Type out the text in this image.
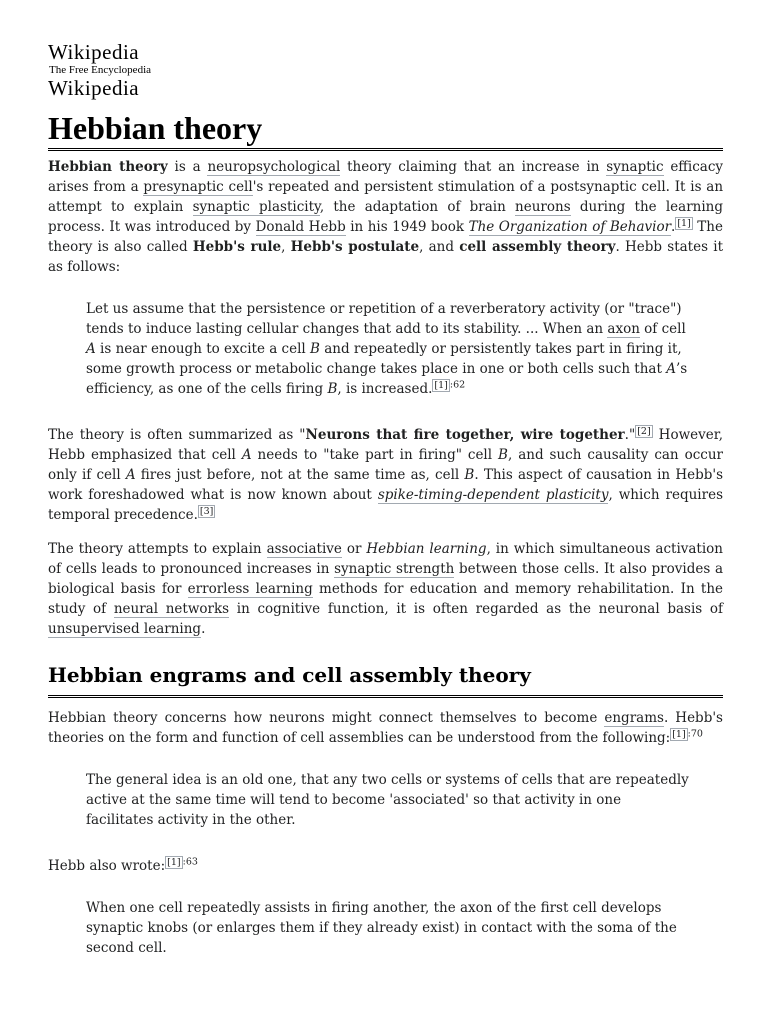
Wikipedia
The Free Encyclopedia
Wikipedia
Hebbian theory

Hebbian theory is a neuropsychological theory claiming that an increase in synaptic efficacy arises from a presynaptic cell's repeated and persistent stimulation of a postsynaptic cell. It is an attempt to explain synaptic plasticity, the adaptation of brain neurons during the learning process. It was introduced by Donald Hebb in his 1949 book The Organization of Behavior. [1] The theory is also called Hebb's rule, Hebb's postulate, and cell assembly theory. Hebb states it as follows:

Let us assume that the persistence or repetition of a reverberatory activity (or "trace") tends to induce lasting cellular changes that add to its stability. ... When an axon of cell A is near enough to excite a cell B and repeatedly or persistently takes part in firing it, some growth process or metabolic change takes place in one or both cells such that A’s efficiency, as one of the cells firing B, is increased. $^{[1] :62}$

The theory is often summarized as "Neurons that fire together, wire together." [2] However, Hebb emphasized that cell A needs to "take part in firing" cell B, and such causality can occur only if cell A fires just before, not at the same time as, cell B. This aspect of causation in Hebb's work foreshadowed what is now known about spike-timing-dependent plasticity, which requires temporal precedence. [3]

The theory attempts to explain associative or Hebbian learning, in which simultaneous activation of cells leads to pronounced increases in synaptic strength between those cells. It also provides a biological basis for errorless learning methods for education and memory rehabilitation. In the study of neural networks in cognitive function, it is often regarded as the neuronal basis of unsupervised learning.

Hebbian engrams and cell assembly theory

Hebbian theory concerns how neurons might connect themselves to become engrams. Hebb's theories on the form and function of cell assemblies can be understood from the following: $^{[1] :70}$

The general idea is an old one, that any two cells or systems of cells that are repeatedly active at the same time will tend to become 'associated' so that activity in one facilitates activity in the other.

Hebb also wrote: $^{[1] :63}$

When one cell repeatedly assists in firing another, the axon of the first cell develops synaptic knobs (or enlarges them if they already exist) in contact with the soma of the second cell.
